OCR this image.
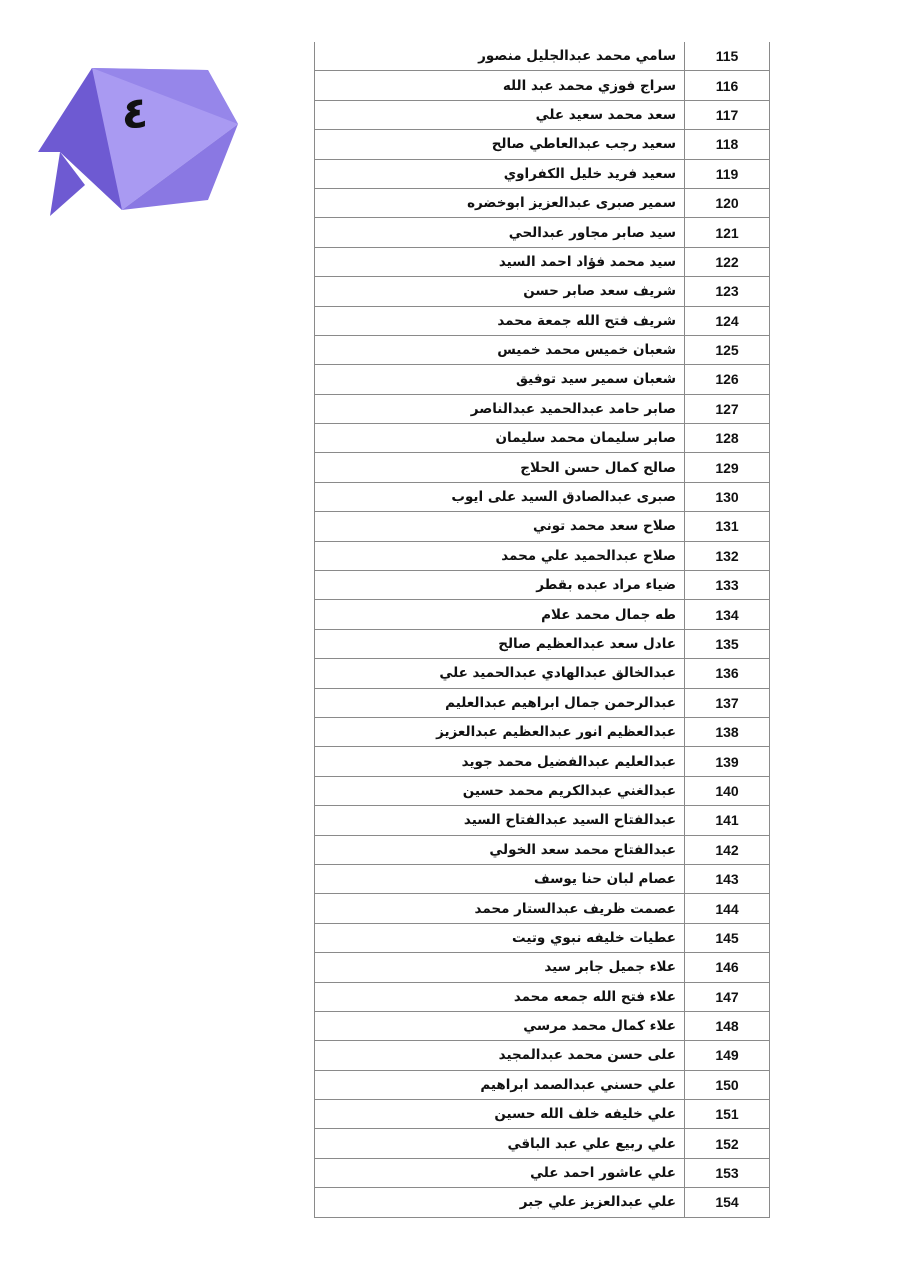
٤
115	سامي محمد عبدالجليل منصور
116	سراج فوزي محمد عبد الله
117	سعد محمد سعيد علي
118	سعيد رجب عبدالعاطي صالح
119	سعيد فريد خليل الكفراوي
120	سمير صبرى عبدالعزيز ابوخضره
121	سيد صابر مجاور عبدالحي
122	سيد محمد فؤاد احمد السيد
123	شريف سعد صابر حسن
124	شريف فتح الله جمعة محمد
125	شعبان خميس محمد خميس
126	شعبان سمير سيد توفيق
127	صابر حامد عبدالحميد عبدالناصر
128	صابر سليمان محمد سليمان
129	صالح كمال حسن الحلاج
130	صبرى عبدالصادق السيد على ايوب
131	صلاح سعد محمد توني
132	صلاح عبدالحميد علي محمد
133	ضياء مراد عبده بقطر
134	طه جمال محمد علام
135	عادل سعد عبدالعظيم صالح
136	عبدالخالق عبدالهادي عبدالحميد علي
137	عبدالرحمن جمال ابراهيم عبدالعليم
138	عبدالعظيم انور عبدالعظيم عبدالعزيز
139	عبدالعليم عبدالفضيل محمد جويد
140	عبدالغني عبدالكريم محمد حسين
141	عبدالفتاح السيد عبدالفتاح السيد
142	عبدالفتاح محمد سعد الخولي
143	عصام لبان حنا يوسف
144	عصمت ظريف عبدالستار محمد
145	عطيات خليفه نبوي وتيت
146	علاء جميل جابر سيد
147	علاء فتح الله جمعه محمد
148	علاء كمال محمد مرسي
149	على حسن محمد عبدالمجيد
150	علي حسني عبدالصمد ابراهيم
151	علي خليفه خلف الله حسين
152	علي ربيع علي عبد الباقي
153	علي عاشور احمد علي
154	علي عبدالعزيز علي جبر
